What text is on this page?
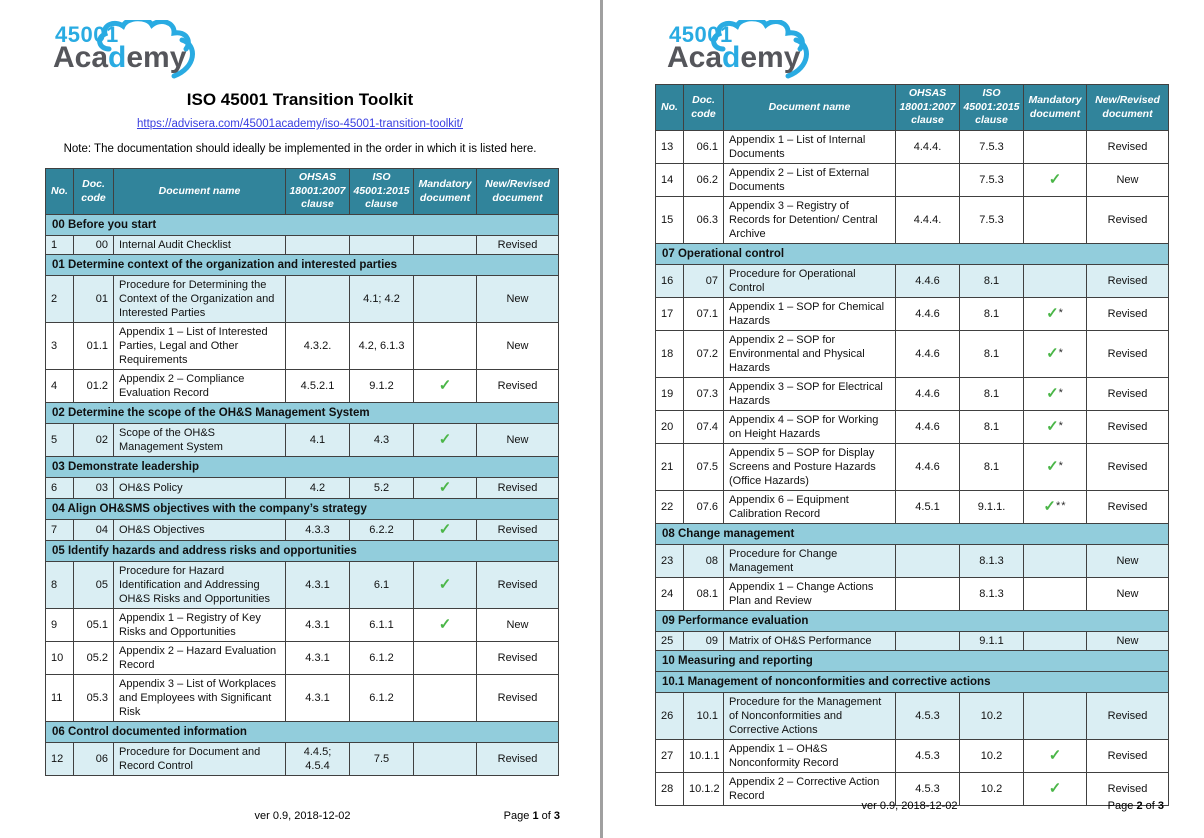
45001
Academy
ISO 45001 Transition Toolkit
https://advisera.com/45001academy/iso-45001-transition-toolkit/
Note: The documentation should ideally be implemented in the order in which it is listed here.
No.	Doc. code	Document name	OHSAS 18001:2007 clause	ISO 45001:2015 clause	Mandatory document	New/Revised document
00 Before you start						
1	00	Internal Audit Checklist				Revised
01 Determine context of the organization and interested parties						
2	01	Procedure for Determining the Context of the Organization and Interested Parties		4.1; 4.2		New
3	01.1	Appendix 1 – List of Interested Parties, Legal and Other Requirements	4.3.2.	4.2, 6.1.3		New
4	01.2	Appendix 2 – Compliance Evaluation Record	4.5.2.1	9.1.2	✓	Revised
02 Determine the scope of the OH&S Management System						
5	02	Scope of the OH&S Management System	4.1	4.3	✓	New
03 Demonstrate leadership						
6	03	OH&S Policy	4.2	5.2	✓	Revised
04 Align OH&SMS objectives with the company’s strategy						
7	04	OH&S Objectives	4.3.3	6.2.2	✓	Revised
05 Identify hazards and address risks and opportunities						
8	05	Procedure for Hazard Identification and Addressing OH&S Risks and Opportunities	4.3.1	6.1	✓	Revised
9	05.1	Appendix 1 – Registry of Key Risks and Opportunities	4.3.1	6.1.1	✓	New
10	05.2	Appendix 2 – Hazard Evaluation Record	4.3.1	6.1.2		Revised
11	05.3	Appendix 3 – List of Workplaces and Employees with Significant Risk	4.3.1	6.1.2		Revised
06 Control documented information						
12	06	Procedure for Document and Record Control	4.4.5; 4.5.4	7.5		Revised
ver 0.9, 2018-12-02	Page 1 of 3
45001
Academy
No.	Doc. code	Document name	OHSAS 18001:2007 clause	ISO 45001:2015 clause	Mandatory document	New/Revised document
13	06.1	Appendix 1 – List of Internal Documents	4.4.4.	7.5.3		Revised
14	06.2	Appendix 2 – List of External Documents		7.5.3	✓	New
15	06.3	Appendix 3 – Registry of Records for Detention/ Central Archive	4.4.4.	7.5.3		Revised
07 Operational control						
16	07	Procedure for Operational Control	4.4.6	8.1		Revised
17	07.1	Appendix 1 – SOP for Chemical Hazards	4.4.6	8.1	✓*	Revised
18	07.2	Appendix 2 – SOP for Environmental and Physical Hazards	4.4.6	8.1	✓*	Revised
19	07.3	Appendix 3 – SOP for Electrical Hazards	4.4.6	8.1	✓*	Revised
20	07.4	Appendix 4 – SOP for Working on Height Hazards	4.4.6	8.1	✓*	Revised
21	07.5	Appendix 5 – SOP for Display Screens and Posture Hazards (Office Hazards)	4.4.6	8.1	✓*	Revised
22	07.6	Appendix 6 – Equipment Calibration Record	4.5.1	9.1.1.	✓**	Revised
08 Change management						
23	08	Procedure for Change Management		8.1.3		New
24	08.1	Appendix 1 – Change Actions Plan and Review		8.1.3		New
09 Performance evaluation						
25	09	Matrix of OH&S Performance		9.1.1		New
10 Measuring and reporting						
10.1 Management of nonconformities and corrective actions						
26	10.1	Procedure for the Management of Nonconformities and Corrective Actions	4.5.3	10.2		Revised
27	10.1.1	Appendix 1 – OH&S Nonconformity Record	4.5.3	10.2	✓	Revised
28	10.1.2	Appendix 2 – Corrective Action Record	4.5.3	10.2	✓	Revised
ver 0.9, 2018-12-02	Page 2 of 3
